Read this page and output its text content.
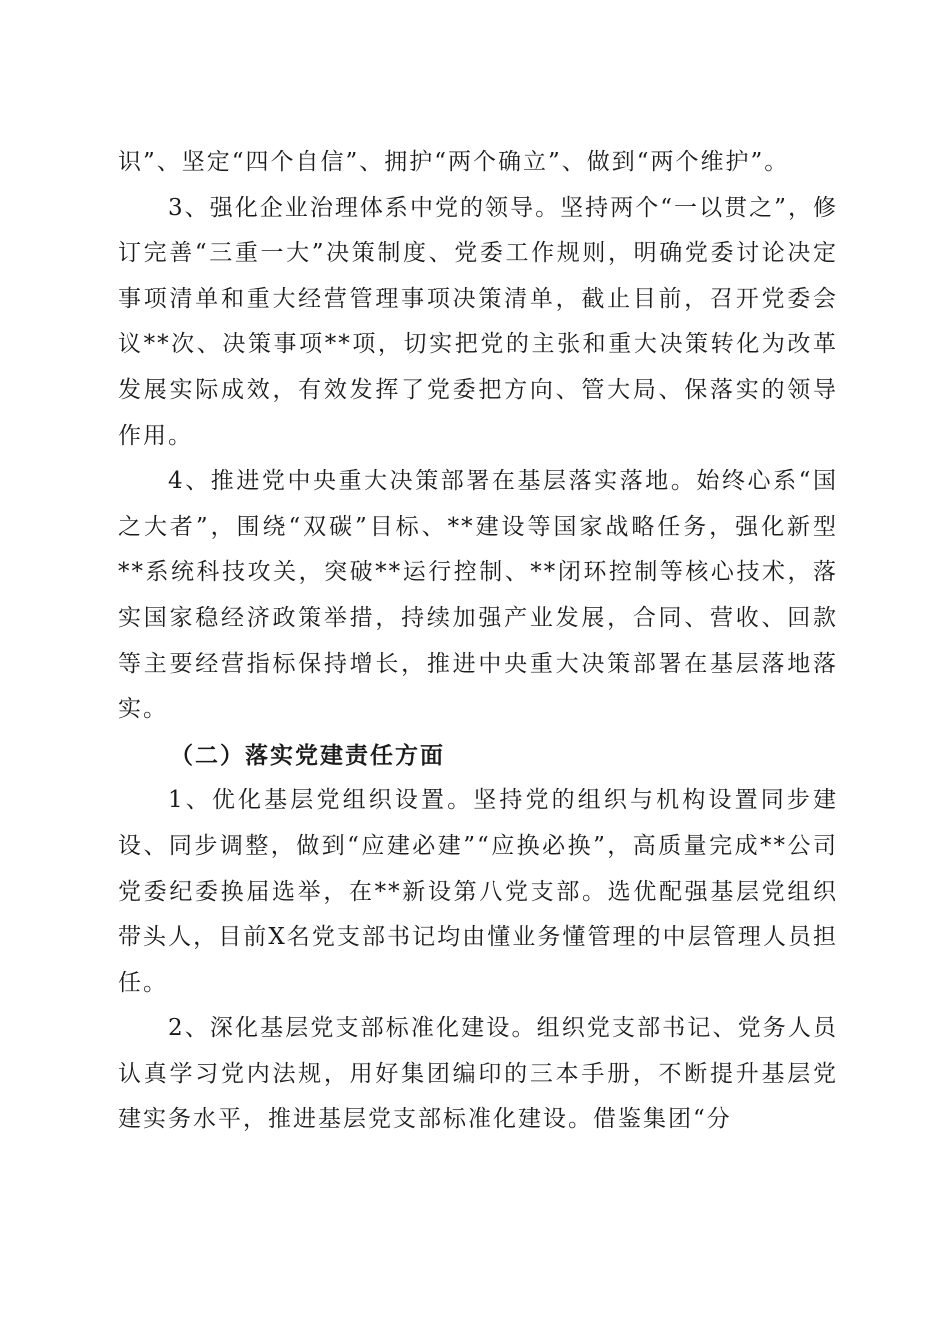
识”、坚定“四个自信”、拥护“两个确立”、做到“两个维护”。

3、强化企业治理体系中党的领导。坚持两个“一以贯之”，修订完善“三重一大”决策制度、党委工作规则，明确党委讨论决定事项清单和重大经营管理事项决策清单，截止目前，召开党委会议**次、决策事项**项，切实把党的主张和重大决策转化为改革发展实际成效，有效发挥了党委把方向、管大局、保落实的领导作用。

4、推进党中央重大决策部署在基层落实落地。始终心系“国之大者”，围绕“双碳”目标、**建设等国家战略任务，强化新型**系统科技攻关，突破**运行控制、**闭环控制等核心技术，落实国家稳经济政策举措，持续加强产业发展，合同、营收、回款等主要经营指标保持增长，推进中央重大决策部署在基层落地落实。

（二）落实党建责任方面

1、优化基层党组织设置。坚持党的组织与机构设置同步建设、同步调整，做到“应建必建”“应换必换”，高质量完成**公司党委纪委换届选举，在**新设第八党支部。选优配强基层党组织带头人，目前X名党支部书记均由懂业务懂管理的中层管理人员担任。

2、深化基层党支部标准化建设。组织党支部书记、党务人员认真学习党内法规，用好集团编印的三本手册，不断提升基层党建实务水平，推进基层党支部标准化建设。借鉴集团“分
